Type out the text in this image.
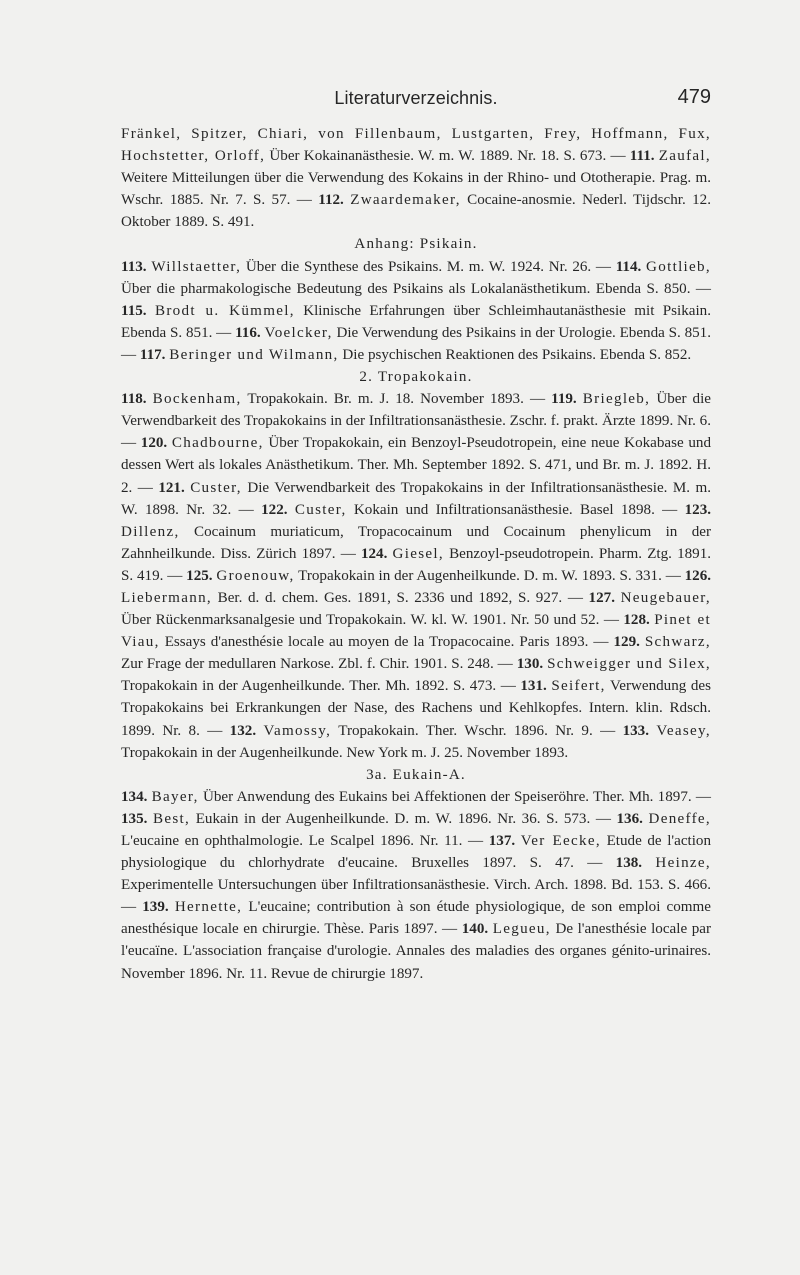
Literaturverzeichnis.	479

Fränkel, Spitzer, Chiari, von Fillenbaum, Lustgarten, Frey, Hoffmann, Fux, Hochstetter, Orloff, Über Kokainanästhesie. W. m. W. 1889. Nr. 18. S. 673. — 111. Zaufal, Weitere Mitteilungen über die Verwendung des Kokains in der Rhino- und Ototherapie. Prag. m. Wschr. 1885. Nr. 7. S. 57. — 112. Zwaardemaker, Cocaine-anosmie. Nederl. Tijdschr. 12. Oktober 1889. S. 491.

Anhang: Psikain.

113. Willstaetter, Über die Synthese des Psikains. M. m. W. 1924. Nr. 26. — 114. Gottlieb, Über die pharmakologische Bedeutung des Psikains als Lokalanästhetikum. Ebenda S. 850. — 115. Brodt u. Kümmel, Klinische Erfahrungen über Schleimhautanästhesie mit Psikain. Ebenda S. 851. — 116. Voelcker, Die Verwendung des Psikains in der Urologie. Ebenda S. 851. — 117. Beringer und Wilmann, Die psychischen Reaktionen des Psikains. Ebenda S. 852.

2. Tropakokain.

118. Bockenham, Tropakokain. Br. m. J. 18. November 1893. — 119. Briegleb, Über die Verwendbarkeit des Tropakokains in der Infiltrationsanästhesie. Zschr. f. prakt. Ärzte 1899. Nr. 6. — 120. Chadbourne, Über Tropakokain, ein Benzoyl-Pseudotropein, eine neue Kokabase und dessen Wert als lokales Anästhetikum. Ther. Mh. September 1892. S. 471, und Br. m. J. 1892. H. 2. — 121. Custer, Die Verwendbarkeit des Tropakokains in der Infiltrationsanästhesie. M. m. W. 1898. Nr. 32. — 122. Custer, Kokain und Infiltrationsanästhesie. Basel 1898. — 123. Dillenz, Cocainum muriaticum, Tropacocainum und Cocainum phenylicum in der Zahnheilkunde. Diss. Zürich 1897. — 124. Giesel, Benzoyl-pseudotropein. Pharm. Ztg. 1891. S. 419. — 125. Groenouw, Tropakokain in der Augenheilkunde. D. m. W. 1893. S. 331. — 126. Liebermann, Ber. d. d. chem. Ges. 1891, S. 2336 und 1892, S. 927. — 127. Neugebauer, Über Rückenmarksanalgesie und Tropakokain. W. kl. W. 1901. Nr. 50 und 52. — 128. Pinet et Viau, Essays d'anesthésie locale au moyen de la Tropacocaine. Paris 1893. — 129. Schwarz, Zur Frage der medullaren Narkose. Zbl. f. Chir. 1901. S. 248. — 130. Schweigger und Silex, Tropakokain in der Augenheilkunde. Ther. Mh. 1892. S. 473. — 131. Seifert, Verwendung des Tropakokains bei Erkrankungen der Nase, des Rachens und Kehlkopfes. Intern. klin. Rdsch. 1899. Nr. 8. — 132. Vamossy, Tropakokain. Ther. Wschr. 1896. Nr. 9. — 133. Veasey, Tropakokain in der Augenheilkunde. New York m. J. 25. November 1893.

3a. Eukain-A.

134. Bayer, Über Anwendung des Eukains bei Affektionen der Speiseröhre. Ther. Mh. 1897. — 135. Best, Eukain in der Augenheilkunde. D. m. W. 1896. Nr. 36. S. 573. — 136. Deneffe, L'eucaine en ophthalmologie. Le Scalpel 1896. Nr. 11. — 137. Ver Eecke, Etude de l'action physiologique du chlorhydrate d'eucaine. Bruxelles 1897. S. 47. — 138. Heinze, Experimentelle Untersuchungen über Infiltrationsanästhesie. Virch. Arch. 1898. Bd. 153. S. 466. — 139. Hernette, L'eucaine; contribution à son étude physiologique, de son emploi comme anesthésique locale en chirurgie. Thèse. Paris 1897. — 140. Legueu, De l'anesthésie locale par l'eucaïne. L'association française d'urologie. Annales des maladies des organes génito-urinaires. November 1896. Nr. 11. Revue de chirurgie 1897.
